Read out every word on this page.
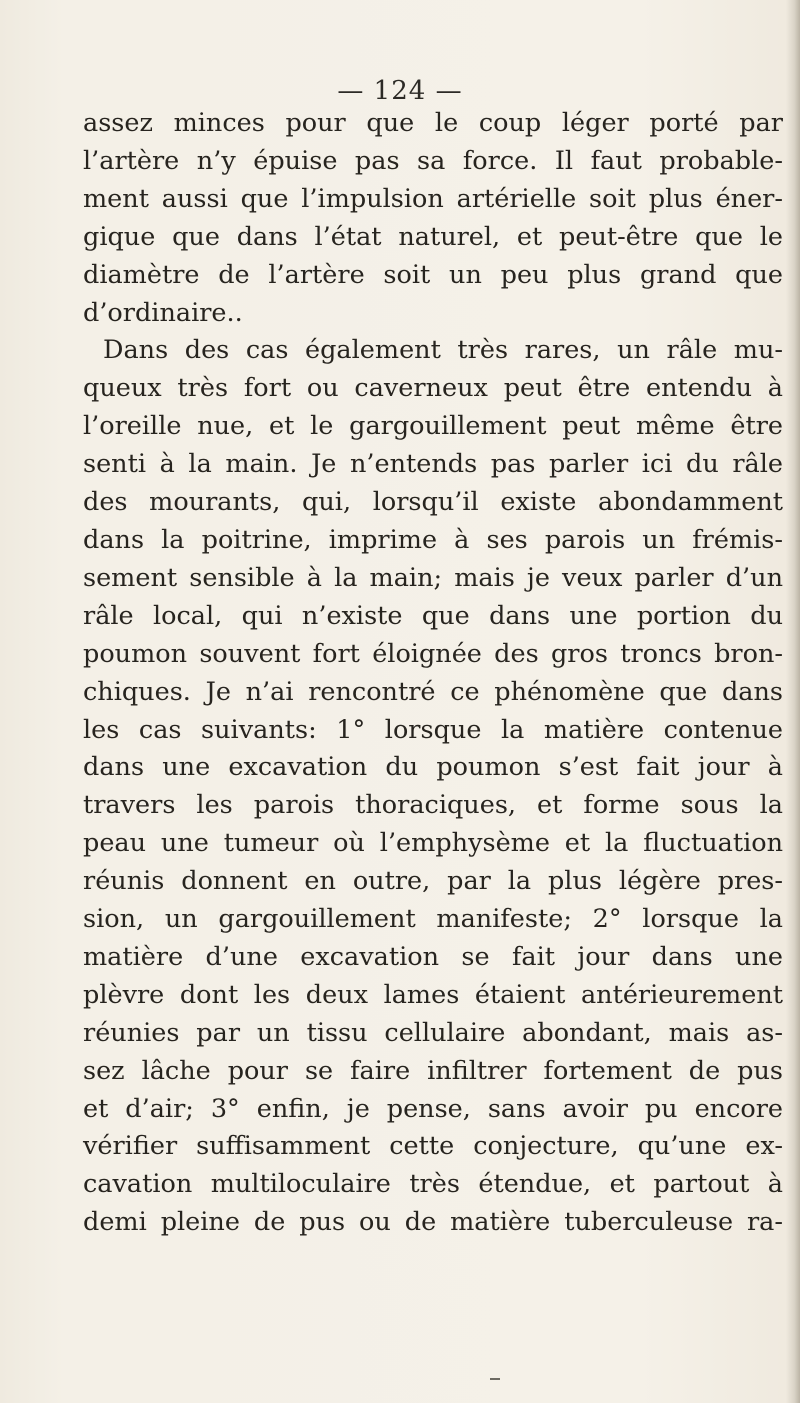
— 124 —
assez minces pour que le coup léger porté par
l’artère n’y épuise pas sa force. Il faut probable-
ment aussi que l’impulsion artérielle soit plus éner-
gique que dans l’état naturel, et peut-être que le
diamètre de l’artère soit un peu plus grand que
d’ordinaire..
Dans des cas également très rares, un râle mu-
queux très fort ou caverneux peut être entendu à
l’oreille nue, et le gargouillement peut même être
senti à la main. Je n’entends pas parler ici du râle
des mourants, qui, lorsqu’il existe abondamment
dans la poitrine, imprime à ses parois un frémis-
sement sensible à la main; mais je veux parler d’un
râle local, qui n’existe que dans une portion du
poumon souvent fort éloignée des gros troncs bron-
chiques. Je n’ai rencontré ce phénomène que dans
les cas suivants: 1° lorsque la matière contenue
dans une excavation du poumon s’est fait jour à
travers les parois thoraciques, et forme sous la
peau une tumeur où l’emphysème et la fluctuation
réunis donnent en outre, par la plus légère pres-
sion, un gargouillement manifeste; 2° lorsque la
matière d’une excavation se fait jour dans une
plèvre dont les deux lames étaient antérieurement
réunies par un tissu cellulaire abondant, mais as-
sez lâche pour se faire infiltrer fortement de pus
et d’air; 3° enfin, je pense, sans avoir pu encore
vérifier suffisamment cette conjecture, qu’une ex-
cavation multiloculaire très étendue, et partout à
demi pleine de pus ou de matière tuberculeuse ra-
